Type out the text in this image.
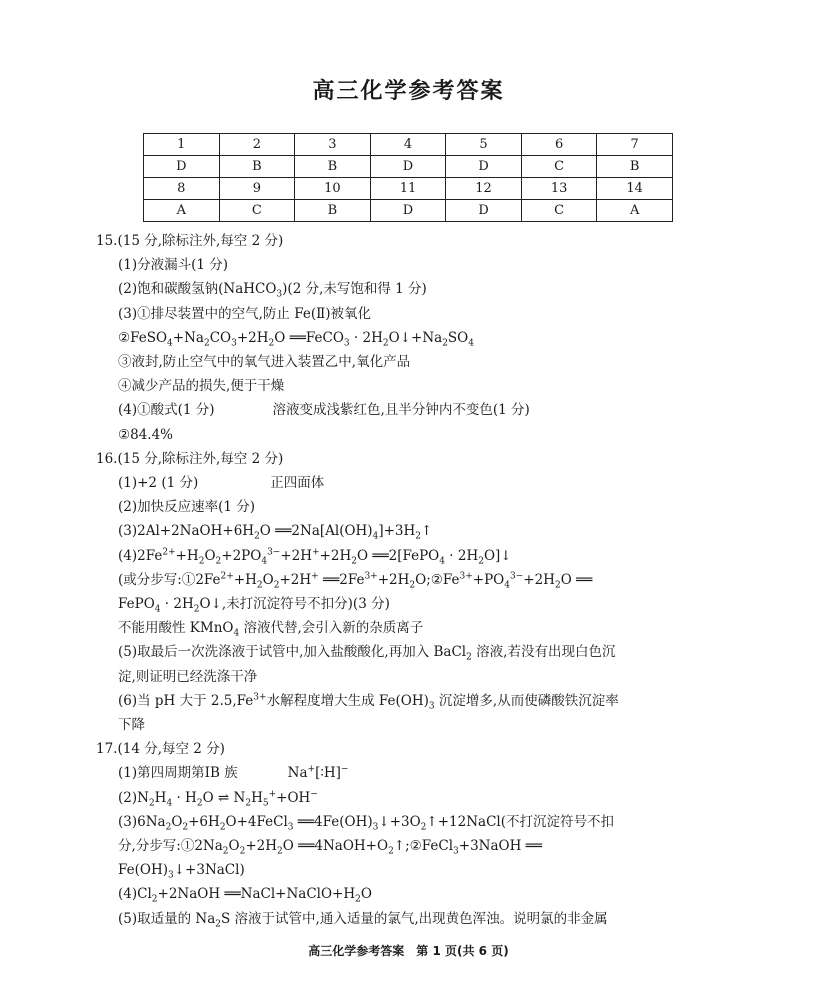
高三化学参考答案
1	2	3	4	5	6	7
D	B	B	D	D	C	B
8	9	10	11	12	13	14
A	C	B	D	D	C	A
15.(15 分,除标注外,每空 2 分)
(1)分液漏斗(1 分)
(2)饱和碳酸氢钠(NaHCO$_3$)(2 分,未写饱和得 1 分)
(3)①排尽装置中的空气,防止 Fe(Ⅱ)被氧化
$②FeSO_4+Na_2CO_3+2H_2O$ ══FeCO$_3$ · $2H_2O↓+Na_2SO_4$
③液封,防止空气中的氧气进入装置乙中,氧化产品
④减少产品的损失,便于干燥
(4)①酸式(1 分)	溶液变成浅紫红色,且半分钟内不变色(1 分)
②84.4%
16.(15 分,除标注外,每空 2 分)
(1)+2 (1 分)	正四面体
(2)加快反应速率(1 分)
$(3)2Al+2NaOH+6H_2O$ $══2Na[Al(OH)_4]+3H_2↑$
$(4)2Fe^{2+}+H_2O_2+2PO_4^{3-}+2H^++2H_2O$ ══2[FePO$_4$ · $2H_2O]↓$
(或分步写$:①2Fe^{2+}+H_2O_2+2H^+$ $══2Fe^{3+}+2H_2O;②Fe^{3+}+PO_4^{3-}+2H_2O$ ══
FePO$_4$ · $2H_2O↓$,未打沉淀符号不扣分)(3 分)
不能用酸性 KMnO$_4$ 溶液代替,会引入新的杂质离子
(5)取最后一次洗涤液于试管中,加入盐酸酸化,再加入 BaCl$_2$ 溶液,若没有出现白色沉
淀,则证明已经洗涤干净
(6)当 pH 大于 $2.5,Fe^{3+}$水解程度增大生成 $Fe(OH)_3$ 沉淀增多,从而使磷酸铁沉淀率
下降
17.(14 分,每空 2 分)
(1)第四周期第ⅠB 族	Na+[∶H]−
$(2)N_2H_4 \cdot H_2O$ ⇌ $N_2H_5^++OH^-$
$(3)6Na_2O_2+6H_2O+4FeCl_3$ $══4Fe(OH)_3↓+3O_2↑+12NaCl$(不打沉淀符号不扣
分,分步写$:①2Na_2O_2+2H_2O$ $══4NaOH+O_2↑;②FeCl_3+3NaOH$ ══
$Fe(OH)_3↓+3NaCl$)
$(4)Cl_2+2NaOH$ $══NaCl+NaClO+H_2O$
(5)取适量的 $Na_2S$ 溶液于试管中,通入适量的氯气,出现黄色浑浊。说明氯的非金属
高三化学参考答案　第 1 页(共 6 页)
